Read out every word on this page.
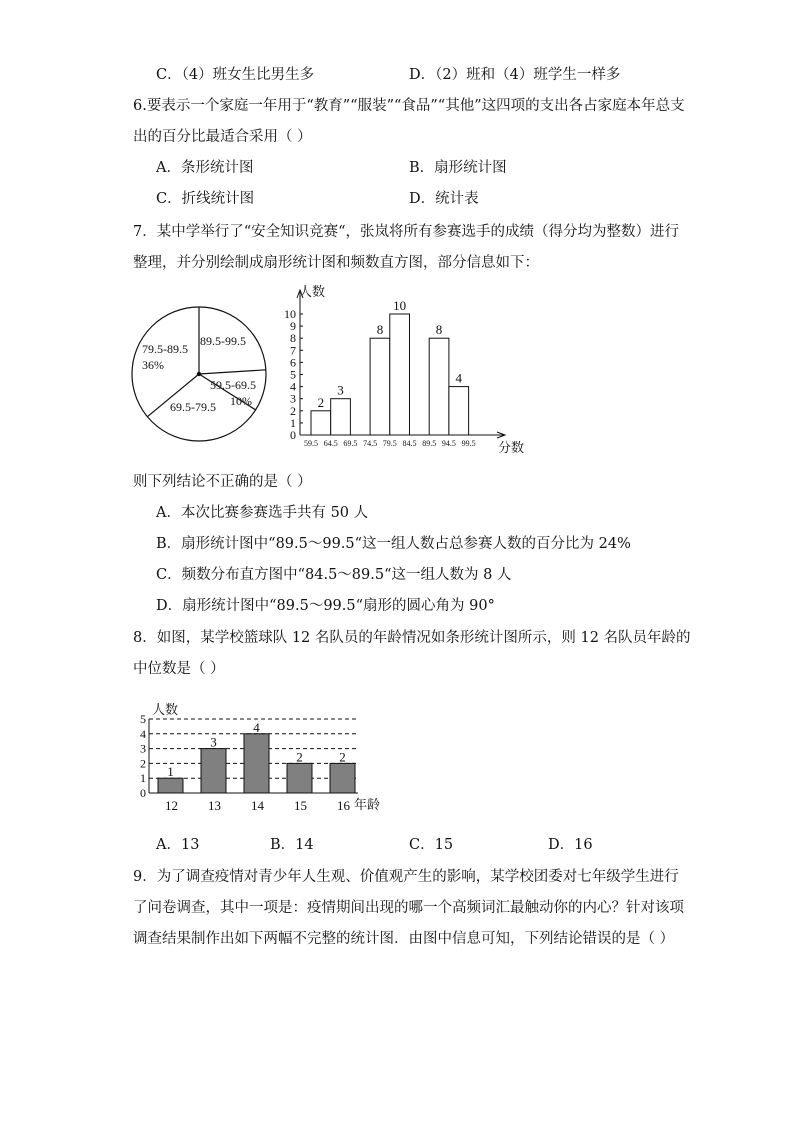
C．（4）班女生比男生多	D．（2）班和（4）班学生一样多
6.要表示一个家庭一年用于“教育”“服装”“食品”“其他”这四项的支出各占家庭本年总支
出的百分比最适合采用（ ）
A．条形统计图	B．扇形统计图
C．折线统计图	D．统计表
7．某中学举行了“安全知识竞赛“，张岚将所有参赛选手的成绩（得分均为整数）进行
整理，并分别绘制成扇形统计图和频数直方图，部分信息如下：
79.5-89.5
36%
89.5-99.5
59.5-69.5
10%
69.5-79.5
0
1
2
3
4
5
6
7
8
9
10
59.5 64.5 69.5 74.5 79.5 84.5 89.5 94.5 99.5
2
3
8
10
8
4
人数
分数
则下列结论不正确的是（ ）
A．本次比赛参赛选手共有 50 人
B．扇形统计图中“89.5～99.5“这一组人数占总参赛人数的百分比为 24%
C．频数分布直方图中“84.5～89.5“这一组人数为 8 人
D．扇形统计图中“89.5～99.5“扇形的圆心角为 90°
8．如图，某学校篮球队 12 名队员的年龄情况如条形统计图所示，则 12 名队员年龄的
中位数是（ ）
0
1
2
3
4
5
1
12
3
13
4
14
2
15
2
16
人数
年龄
A．13	B．14	C．15	D．16
9．为了调查疫情对青少年人生观、价值观产生的影响，某学校团委对七年级学生进行
了问卷调查，其中一项是：疫情期间出现的哪一个高频词汇最触动你的内心？针对该项
调查结果制作出如下两幅不完整的统计图．由图中信息可知，下列结论错误的是（ ）
